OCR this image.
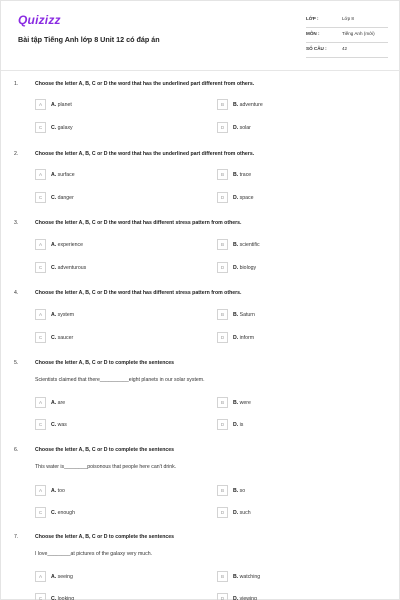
Quizizz
Bài tập Tiếng Anh lớp 8 Unit 12 có đáp án
LỚP :	Lớp 8
MÔN :	Tiếng Anh (mới)
SỐ CÂU :	42
1.	Choose the letter A, B, C or D the word that has the underlined part different from others.
A	A. planet	B	B. adventure
C	C. galaxy	D	D. solar
2.	Choose the letter A, B, C or D the word that has the underlined part different from others.
A	A. surface	B	B. trace
C	C. danger	D	D. space
3.	Choose the letter A, B, C or D the word that has different stress pattern from others.
A	A. experience	B	B. scientific
C	C. adventurous	D	D. biology
4.	Choose the letter A, B, C or D the word that has different stress pattern from others.
A	A. system	B	B. Saturn
C	C. saucer	D	D. inform
5.	Choose the letter A, B, C or D to complete the sentences
Scientists claimed that there__________eight planets in our solar system.
A	A. are	B	B. were
C	C. was	D	D. is
6.	Choose the letter A, B, C or D to complete the sentences
This water is________poisonous that people here can't drink.
A	A. too	B	B. so
C	C. enough	D	D. such
7.	Choose the letter A, B, C or D to complete the sentences
I love________at pictures of the galaxy very much.
A	A. seeing	B	B. watching
C	C. looking	D	D. viewing
